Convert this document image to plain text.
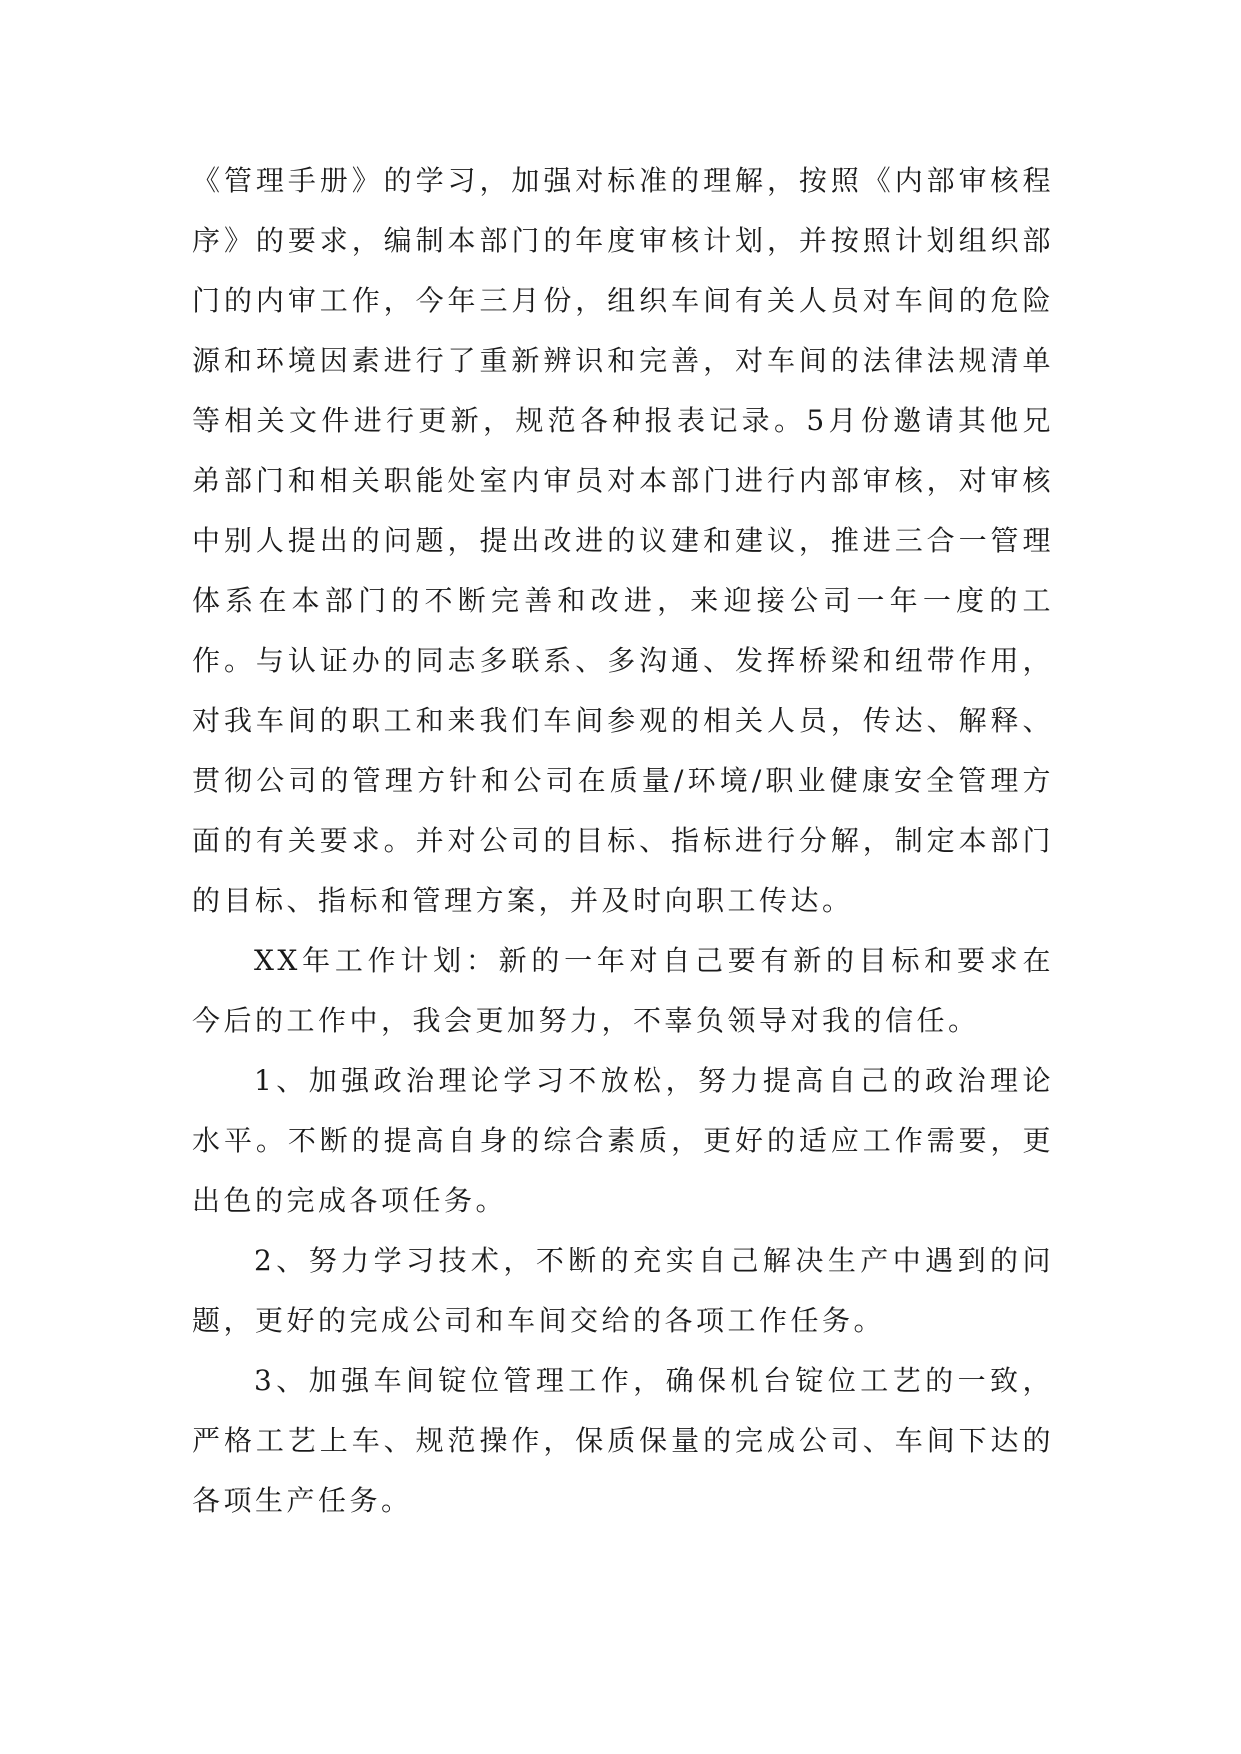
《管理手册》的学习，加强对标准的理解，按照《内部审核程序》的要求，编制本部门的年度审核计划，并按照计划组织部门的内审工作，今年三月份，组织车间有关人员对车间的危险源和环境因素进行了重新辨识和完善，对车间的法律法规清单等相关文件进行更新，规范各种报表记录。5月份邀请其他兄弟部门和相关职能处室内审员对本部门进行内部审核，对审核中别人提出的问题，提出改进的议建和建议，推进三合一管理体系在本部门的不断完善和改进，来迎接公司一年一度的工作。与认证办的同志多联系、多沟通、发挥桥梁和纽带作用，对我车间的职工和来我们车间参观的相关人员，传达、解释、贯彻公司的管理方针和公司在质量/环境/职业健康安全管理方面的有关要求。并对公司的目标、指标进行分解，制定本部门的目标、指标和管理方案，并及时向职工传达。

XX年工作计划：新的一年对自己要有新的目标和要求在今后的工作中，我会更加努力，不辜负领导对我的信任。

1、加强政治理论学习不放松，努力提高自己的政治理论水平。不断的提高自身的综合素质，更好的适应工作需要，更出色的完成各项任务。

2、努力学习技术，不断的充实自己解决生产中遇到的问题，更好的完成公司和车间交给的各项工作任务。

3、加强车间锭位管理工作，确保机台锭位工艺的一致，严格工艺上车、规范操作，保质保量的完成公司、车间下达的各项生产任务。
